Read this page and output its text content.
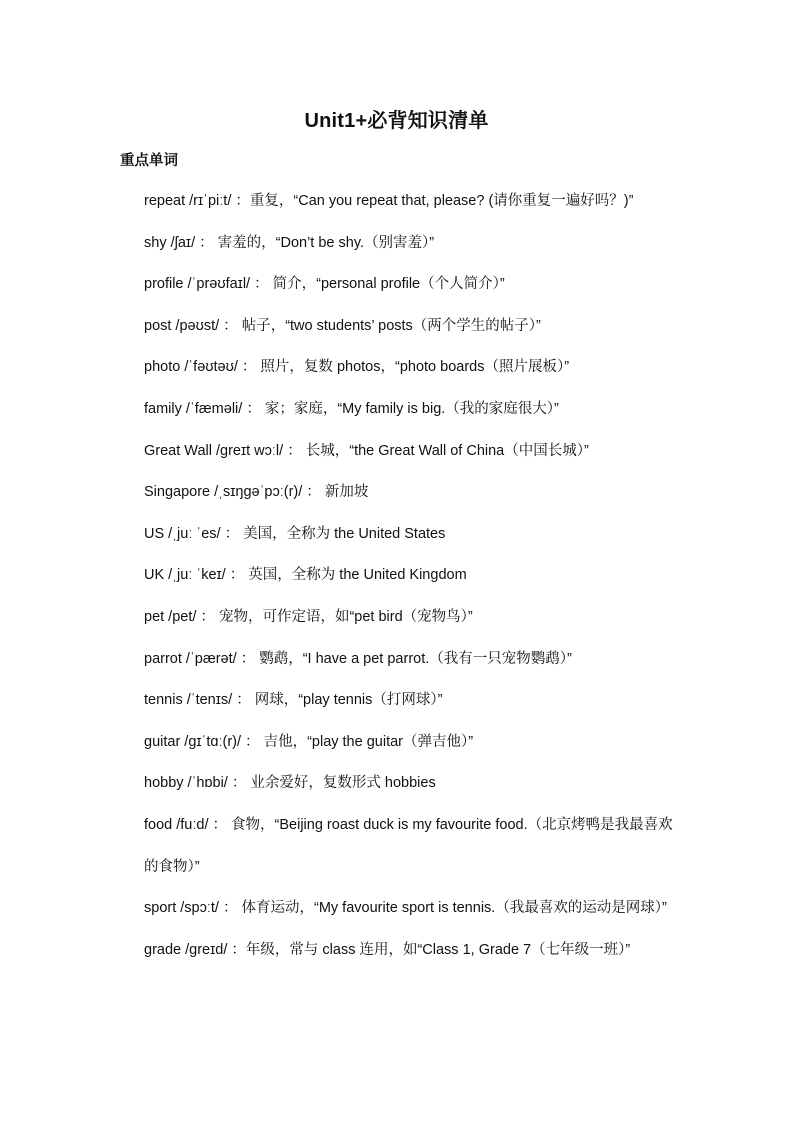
Unit1+必背知识清单
重点单词
repeat /rɪˈpiːt/ ：重复，“Can you repeat that, please? (请你重复一遍好吗？)”
shy /ʃaɪ/ ： 害羞的，“Don’t be shy.（别害羞）”
profile /ˈprəʊfaɪl/ ： 简介，“personal profile（个人简介）”
post /pəʊst/ ： 帖子，“two students’ posts（两个学生的帖子）”
photo /ˈfəʊtəʊ/ ： 照片，复数 photos，“photo boards（照片展板）”
family /ˈfæməli/ ： 家；家庭，“My family is big.（我的家庭很大）”
Great Wall /ɡreɪt wɔːl/ ： 长城，“the Great Wall of China（中国长城）”
Singapore /ˌsɪŋɡəˈpɔː(r)/ ： 新加坡
US /ˌjuː ˈes/ ： 美国，全称为 the United States
UK /ˌjuː ˈkeɪ/ ： 英国，全称为 the United Kingdom
pet /pet/ ： 宠物，可作定语，如“pet bird（宠物鸟）”
parrot /ˈpærət/ ： 鹦鹉，“I have a pet parrot.（我有一只宠物鹦鹉）”
tennis /ˈtenɪs/ ： 网球，“play tennis（打网球）”
guitar /ɡɪˈtɑː(r)/ ： 吉他，“play the guitar（弹吉他）”
hobby /ˈhɒbi/ ： 业余爱好，复数形式 hobbies
food /fuːd/ ： 食物，“Beijing roast duck is my favourite food.（北京烤鸭是我最喜欢的食物）”
sport /spɔːt/ ： 体育运动，“My favourite sport is tennis.（我最喜欢的运动是网球）”
grade /ɡreɪd/ ：年级，常与 class 连用，如“Class 1, Grade 7（七年级一班）”
